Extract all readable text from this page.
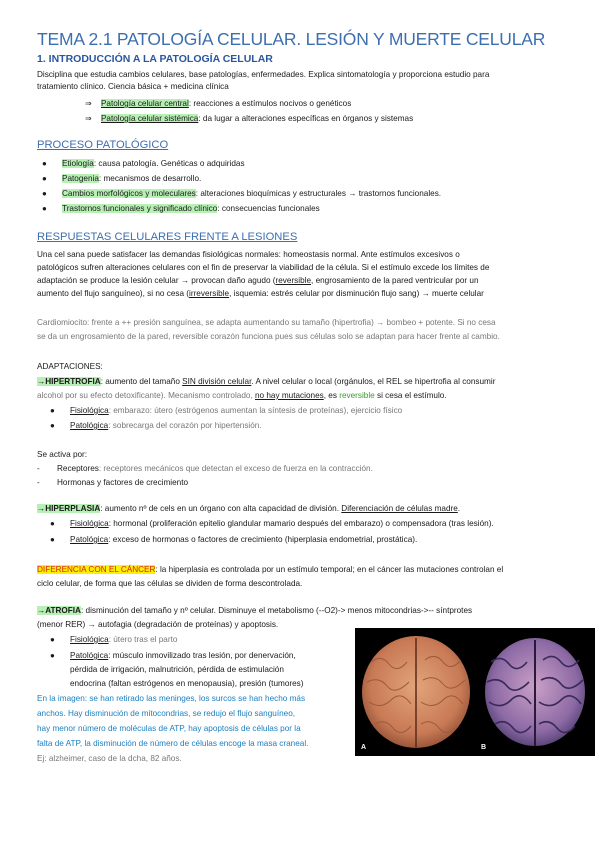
TEMA 2.1 PATOLOGÍA CELULAR. LESIÓN Y MUERTE CELULAR
1. INTRODUCCIÓN A LA PATOLOGÍA CELULAR
Disciplina que estudia cambios celulares, base patologías, enfermedades. Explica sintomatología y proporciona estudio para
tratamiento clínico. Ciencia básica + medicina clínica
⇒    Patología celular central: reacciones a estímulos nocivos o genéticos
⇒    Patología celular sistémica: da lugar a alteraciones específicas en órganos y sistemas
PROCESO PATOLÓGICO
● Etiología: causa patología. Genéticas o adquiridas
● Patogenia: mecanismos de desarrollo.
● Cambios morfológicos y moleculares: alteraciones bioquímicas y estructurales → trastornos funcionales.
● Trastornos funcionales y significado clínico: consecuencias funcionales
RESPUESTAS CELULARES FRENTE A LESIONES
Una cel sana puede satisfacer las demandas fisiológicas normales: homeostasis normal. Ante estímulos excesivos o
patológicos sufren alteraciones celulares con el fin de preservar la viabilidad de la célula. Si el estímulo excede los límites de
adaptación se produce la lesión celular → provocan daño agudo (reversible, engrosamiento de la pared ventricular por un
aumento del flujo sanguíneo), si no cesa (irreversible, isquemia: estrés celular por disminución flujo sang) → muerte celular
Cardiomiocito: frente a ++ presión sanguínea, se adapta aumentando su tamaño (hipertrofia) → bombeo + potente. Si no cesa
se da un engrosamiento de la pared, reversible corazón funciona pues sus células solo se adaptan para hacer frente al cambio.
ADAPTACIONES:
→HIPERTROFIA: aumento del tamaño SIN división celular. A nivel celular o local (orgánulos, el REL se hipertrofia al consumir
alcohol por su efecto detoxificante). Mecanismo controlado, no hay mutaciones, es reversible si cesa el estímulo.
● Fisiológica: embarazo: útero (estrógenos aumentan la síntesis de proteínas), ejercicio físico
● Patológica: sobrecarga del corazón por hipertensión.
Se activa por:
- Receptores: receptores mecánicos que detectan el exceso de fuerza en la contracción.
- Hormonas y factores de crecimiento
→HIPERPLASIA: aumento nº de cels en un órgano con alta capacidad de división. Diferenciación de células madre.
● Fisiológica: hormonal (proliferación epitelio glandular mamario después del embarazo) o compensadora (tras lesión).
● Patológica: exceso de hormonas o factores de crecimiento (hiperplasia endometrial, prostática).
DIFERENCIA CON EL CÁNCER: la hiperplasia es controlada por un estímulo temporal; en el cáncer las mutaciones controlan el
ciclo celular, de forma que las células se dividen de forma descontrolada.
→ATROFIA: disminución del tamaño y nº celular. Disminuye el metabolismo (--O2)-> menos mitocondrias->-- síntprotes
(menor RER) → autofagia (degradación de proteínas) y apoptosis.
● Fisiológica: útero tras el parto
● Patológica: músculo inmovilizado tras lesión, por denervación,
pérdida de irrigación, malnutrición, pérdida de estimulación
endocrina (faltan estrógenos en menopausia), presión (tumores)
En la imagen: se han retirado las meninges, los surcos se han hecho más
anchos. Hay disminución de mitocondrias, se redujo el flujo sanguíneo,
hay menor número de moléculas de ATP, hay apoptosis de células por la
falta de ATP, la disminución de número de células encoge la masa craneal.
Ej: alzheimer, caso de la dcha, 82 años.
A	B
